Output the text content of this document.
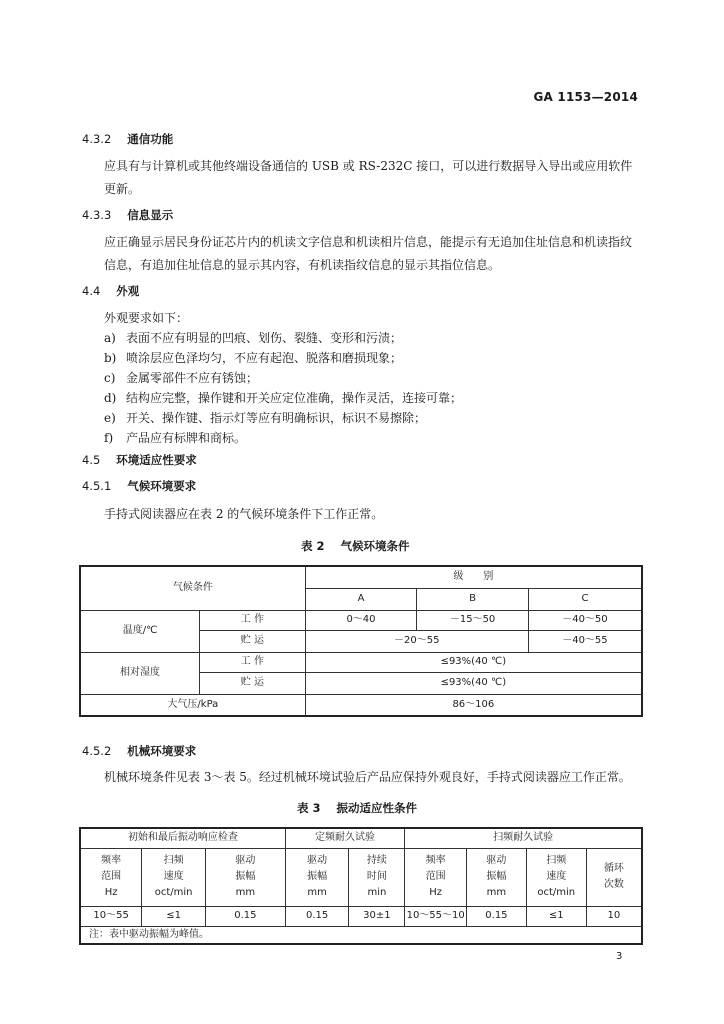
GA 1153—2014
4.3.2 通信功能
应具有与计算机或其他终端设备通信的 USB 或 RS-232C 接口，可以进行数据导入导出或应用软件更新。
4.3.3 信息显示
应正确显示居民身份证芯片内的机读文字信息和机读相片信息，能提示有无追加住址信息和机读指纹信息，有追加住址信息的显示其内容，有机读指纹信息的显示其指位信息。
4.4 外观
外观要求如下：
a) 表面不应有明显的凹痕、划伤、裂缝、变形和污渍；
b) 喷涂层应色泽均匀，不应有起泡、脱落和磨损现象；
c) 金属零部件不应有锈蚀；
d) 结构应完整，操作键和开关应定位准确，操作灵活，连接可靠；
e) 开关、操作键、指示灯等应有明确标识，标识不易擦除；
f) 产品应有标牌和商标。
4.5 环境适应性要求
4.5.1 气候环境要求
手持式阅读器应在表 2 的气候环境条件下工作正常。
表 2 气候环境条件
气候条件		级　　别		
		A	B	C
温度/℃	工 作	0～40	－15～50	－40～50
	贮 运	－20～55		－40～55
相对湿度	工 作	≤93%(40 ℃)		
	贮 运	≤93%(40 ℃)		
大气压/kPa		86～106		
4.5.2 机械环境要求
机械环境条件见表 3～表 5。经过机械环境试验后产品应保持外观良好，手持式阅读器应工作正常。
表 3 振动适应性条件
初始和最后振动响应检查			定频耐久试验		扫频耐久试验			
频率
范围
Hz	扫频
速度
oct/min	驱动
振幅
mm	驱动
振幅
mm	持续
时间
min	频率
范围
Hz	驱动
振幅
mm	扫频
速度
oct/min	循环
次数
10～55	≤1	0.15	0.15	30±1	10～55～10	0.15	≤1	10
注：表中驱动振幅为峰值。								
3
